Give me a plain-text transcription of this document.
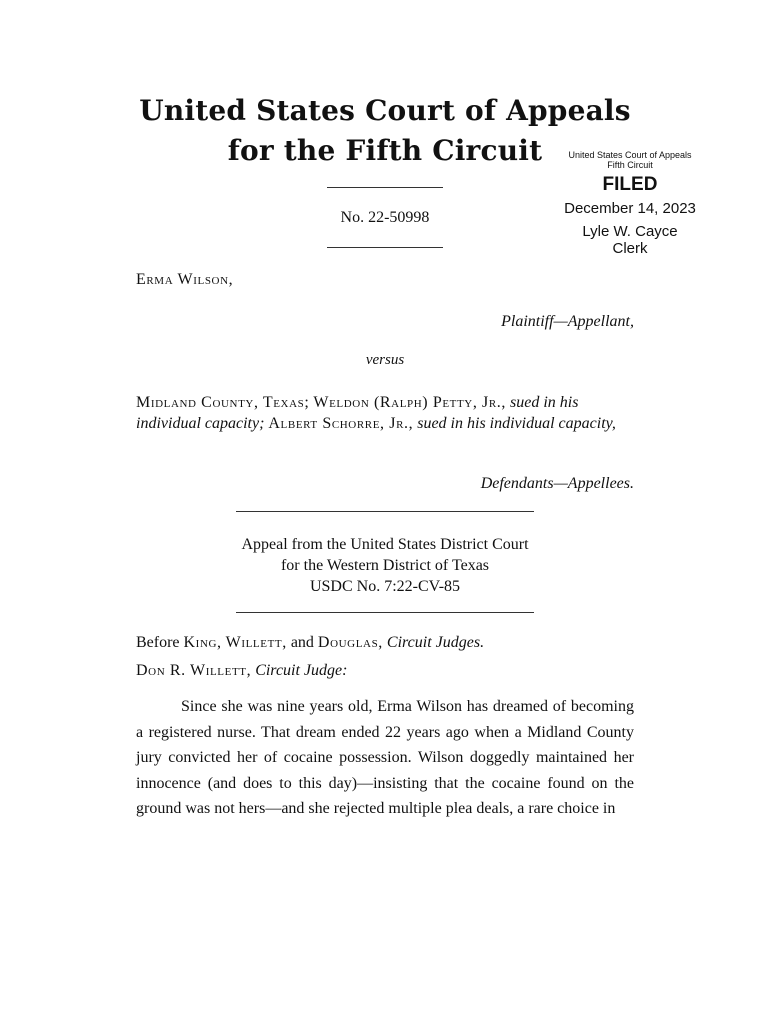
United States Court of Appeals
for the Fifth Circuit	United States Court of Appeals
Fifth Circuit
FILED
December 14, 2023
Lyle W. Cayce
Clerk
No. 22-50998
Erma Wilson,
Plaintiff—Appellant,
versus
Midland County, Texas; Weldon (Ralph) Petty, Jr., sued in his individual capacity; Albert Schorre, Jr., sued in his individual capacity,
Defendants—Appellees.
Appeal from the United States District Court
for the Western District of Texas
USDC No. 7:22-CV-85
Before King, Willett, and Douglas, Circuit Judges.
Don R. Willett, Circuit Judge:

Since she was nine years old, Erma Wilson has dreamed of becoming a registered nurse. That dream ended 22 years ago when a Midland County jury convicted her of cocaine possession. Wilson doggedly maintained her innocence (and does to this day)—insisting that the cocaine found on the ground was not hers—and she rejected multiple plea deals, a rare choice in
